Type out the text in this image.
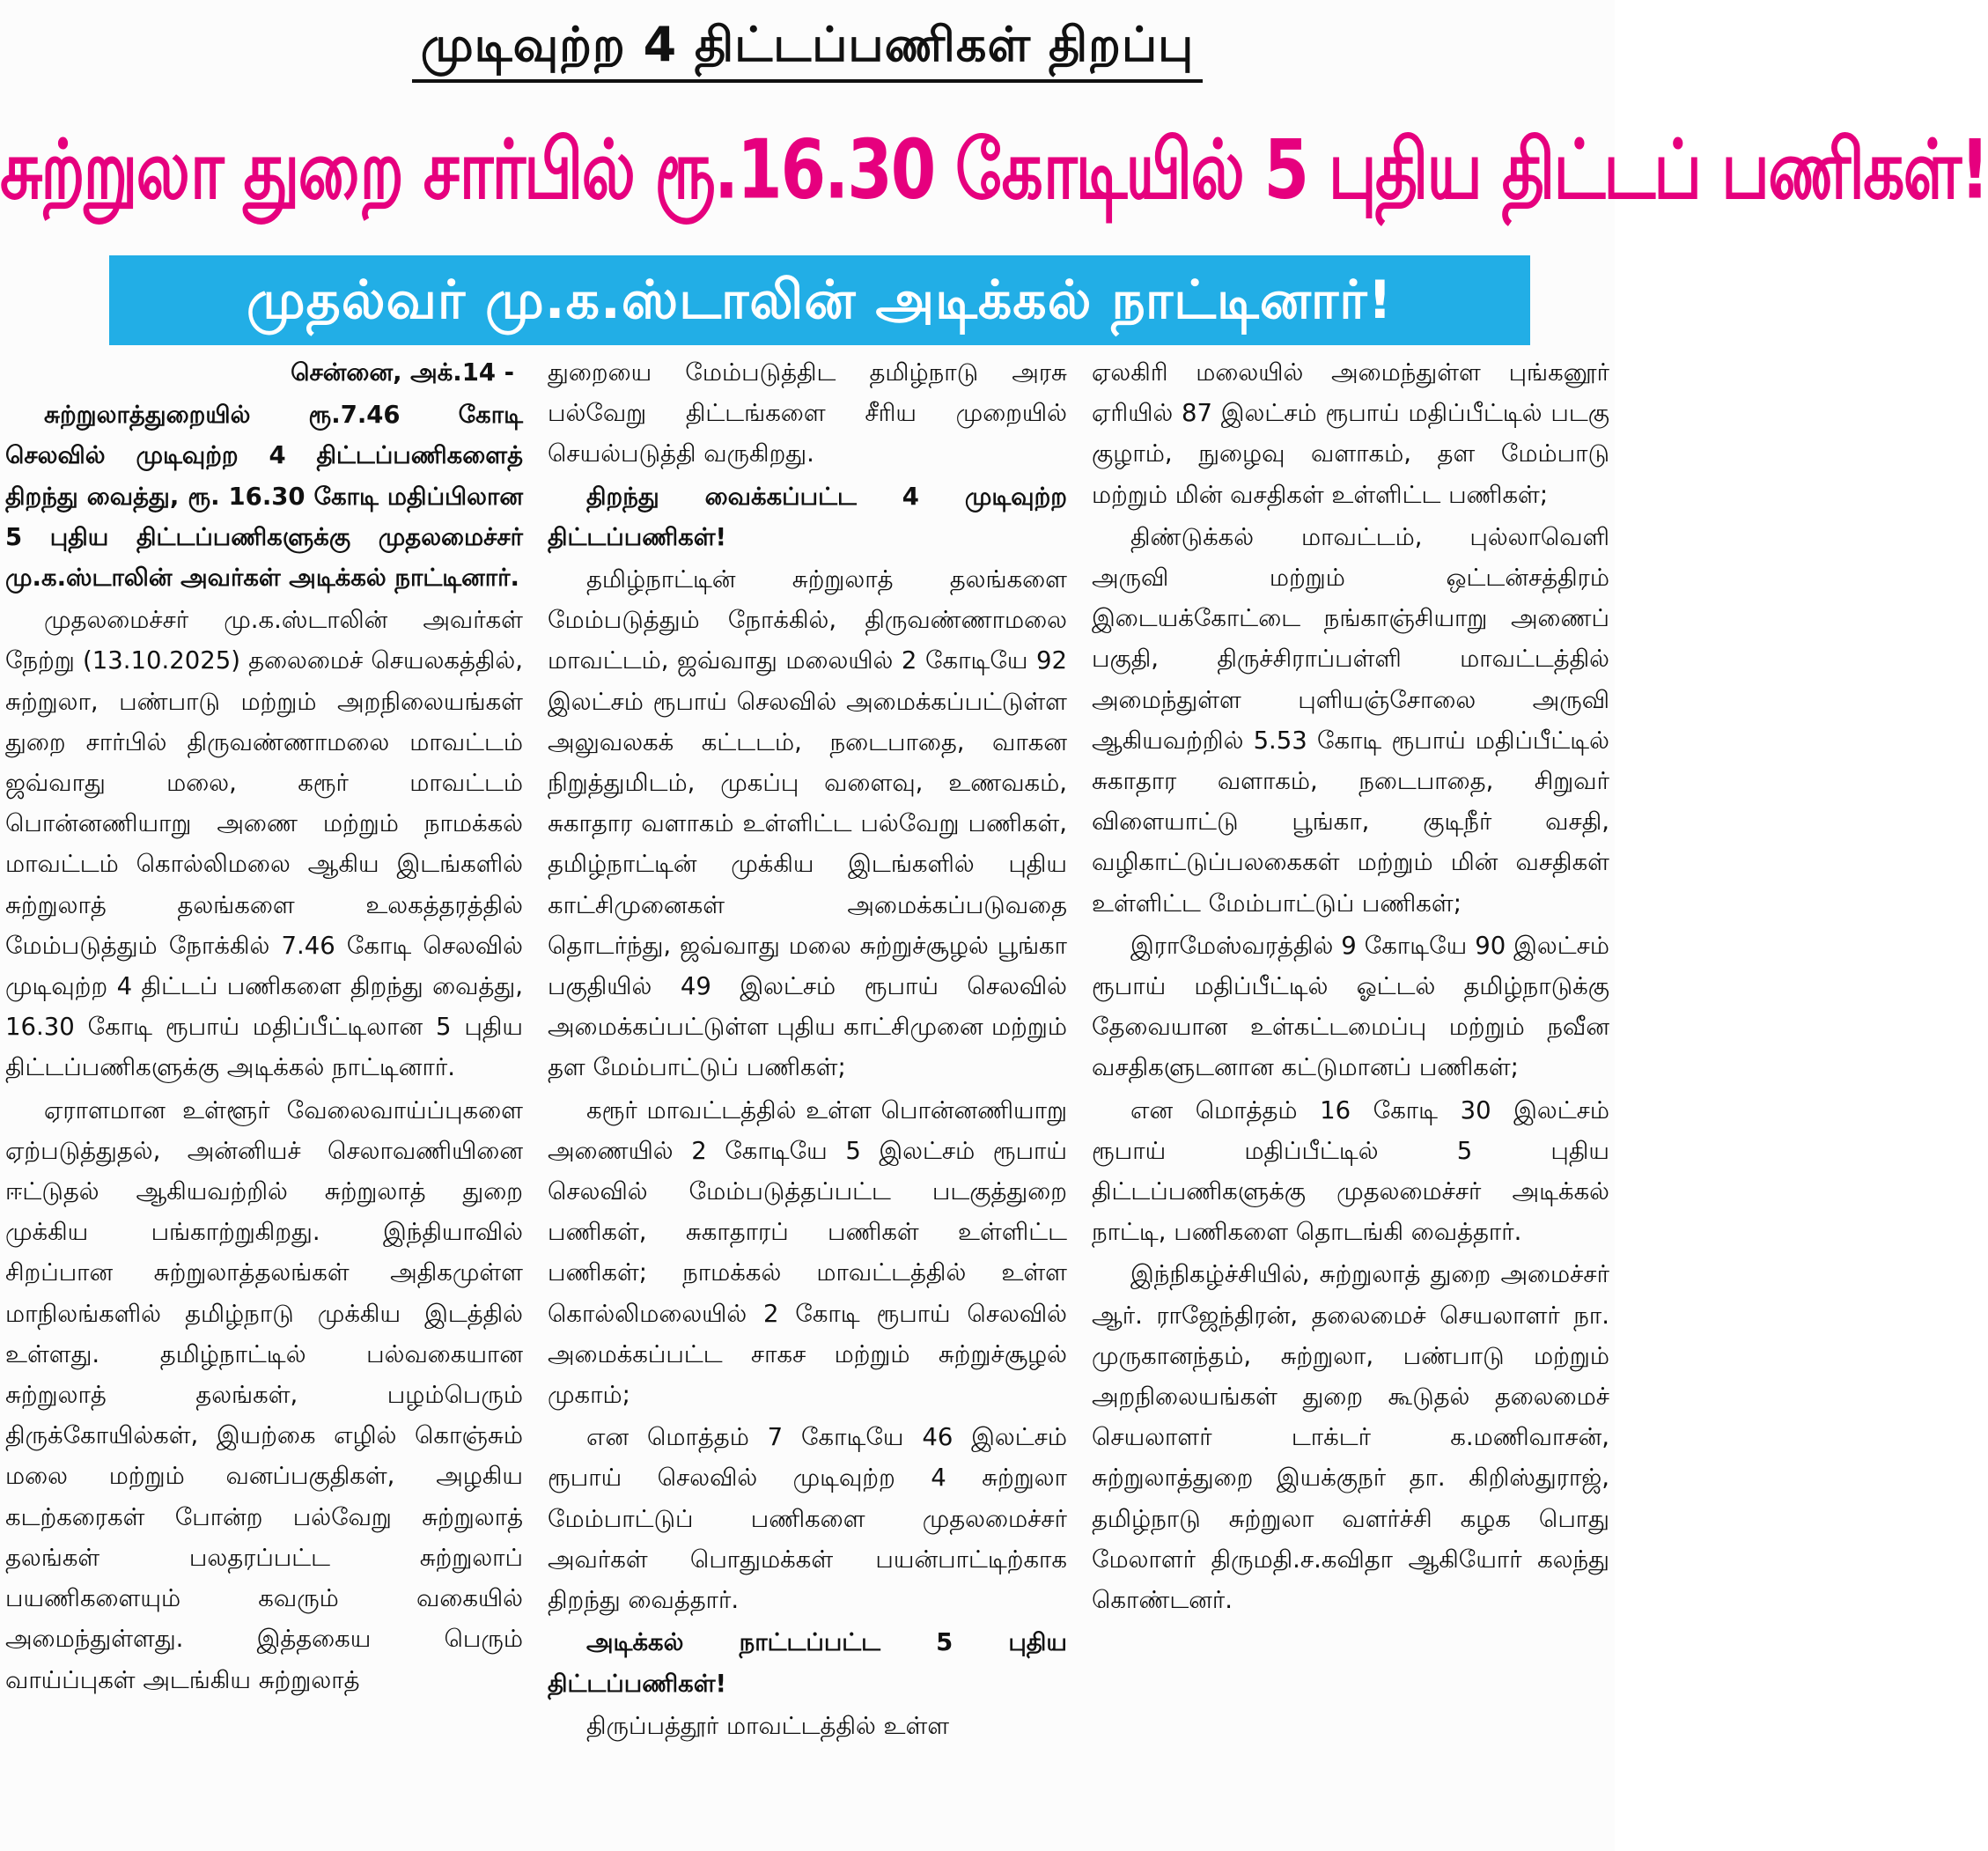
முடிவுற்ற 4 திட்டப்பணிகள் திறப்பு
சுற்றுலா துறை சார்பில் ரூ.16.30 கோடியில் 5 புதிய திட்டப் பணிகள்!
முதல்வர் மு.க.ஸ்டாலின் அடிக்கல் நாட்டினார்!

சென்னை, அக்.14 -

சுற்றுலாத்துறையில் ரூ.7.46 கோடி செலவில் முடிவுற்ற 4 திட்டப்பணிகளைத் திறந்து வைத்து, ரூ. 16.30 கோடி மதிப்பிலான 5 புதிய திட்டப்பணிகளுக்கு முதலமைச்சர் மு.க.ஸ்டாலின் அவர்கள் அடிக்கல் நாட்டினார்.

முதலமைச்சர் மு.க.ஸ்டாலின் அவர்கள் நேற்று (13.10.2025) தலைமைச் செயலகத்தில், சுற்றுலா, பண்பாடு மற்றும் அறநிலையங்கள் துறை சார்பில் திருவண்ணாமலை மாவட்டம் ஜவ்வாது மலை, கரூர் மாவட்டம் பொன்னணியாறு அணை மற்றும் நாமக்கல் மாவட்டம் கொல்லிமலை ஆகிய இடங்களில் சுற்றுலாத் தலங்களை உலகத்தரத்தில் மேம்படுத்தும் நோக்கில் 7.46 கோடி செலவில் முடிவுற்ற 4 திட்டப் பணிகளை திறந்து வைத்து, 16.30 கோடி ரூபாய் மதிப்பீட்டிலான 5 புதிய திட்டப்பணிகளுக்கு அடிக்கல் நாட்டினார்.

ஏராளமான உள்ளூர் வேலைவாய்ப்புகளை ஏற்படுத்துதல், அன்னியச் செலாவணியினை ஈட்டுதல் ஆகியவற்றில் சுற்றுலாத் துறை முக்கிய பங்காற்றுகிறது. இந்தியாவில் சிறப்பான சுற்றுலாத்தலங்கள் அதிகமுள்ள மாநிலங்களில் தமிழ்நாடு முக்கிய இடத்தில் உள்ளது. தமிழ்நாட்டில் பல்வகையான சுற்றுலாத் தலங்கள், பழம்பெரும் திருக்கோயில்கள், இயற்கை எழில் கொஞ்சும் மலை மற்றும் வனப்பகுதிகள், அழகிய கடற்கரைகள் போன்ற பல்வேறு சுற்றுலாத் தலங்கள் பலதரப்பட்ட சுற்றுலாப் பயணிகளையும் கவரும் வகையில் அமைந்துள்ளது. இத்தகைய பெரும் வாய்ப்புகள் அடங்கிய சுற்றுலாத்

துறையை மேம்படுத்திட தமிழ்நாடு அரசு பல்வேறு திட்டங்களை சீரிய முறையில் செயல்படுத்தி வருகிறது.

திறந்து வைக்கப்பட்ட 4 முடிவுற்ற திட்டப்பணிகள்!

தமிழ்நாட்டின் சுற்றுலாத் தலங்களை மேம்படுத்தும் நோக்கில், திருவண்ணாமலை மாவட்டம், ஜவ்வாது மலையில் 2 கோடியே 92 இலட்சம் ரூபாய் செலவில் அமைக்கப்பட்டுள்ள அலுவலகக் கட்டடம், நடைபாதை, வாகன நிறுத்துமிடம், முகப்பு வளைவு, உணவகம், சுகாதார வளாகம் உள்ளிட்ட பல்வேறு பணிகள், தமிழ்நாட்டின் முக்கிய இடங்களில் புதிய காட்சிமுனைகள் அமைக்கப்படுவதை தொடர்ந்து, ஜவ்வாது மலை சுற்றுச்சூழல் பூங்கா பகுதியில் 49 இலட்சம் ரூபாய் செலவில் அமைக்கப்பட்டுள்ள புதிய காட்சிமுனை மற்றும் தள மேம்பாட்டுப் பணிகள்;

கரூர் மாவட்டத்தில் உள்ள பொன்னணியாறு அணையில் 2 கோடியே 5 இலட்சம் ரூபாய் செலவில் மேம்படுத்தப்பட்ட படகுத்துறை பணிகள், சுகாதாரப் பணிகள் உள்ளிட்ட பணிகள்; நாமக்கல் மாவட்டத்தில் உள்ள கொல்லிமலையில் 2 கோடி ரூபாய் செலவில் அமைக்கப்பட்ட சாகச மற்றும் சுற்றுச்சூழல் முகாம்;

என மொத்தம் 7 கோடியே 46 இலட்சம் ரூபாய் செலவில் முடிவுற்ற 4 சுற்றுலா மேம்பாட்டுப் பணிகளை முதலமைச்சர் அவர்கள் பொதுமக்கள் பயன்பாட்டிற்காக திறந்து வைத்தார்.

அடிக்கல் நாட்டப்பட்ட 5 புதிய திட்டப்பணிகள்!

திருப்பத்தூர் மாவட்டத்தில் உள்ள

ஏலகிரி மலையில் அமைந்துள்ள புங்கனூர் ஏரியில் 87 இலட்சம் ரூபாய் மதிப்பீட்டில் படகு குழாம், நுழைவு வளாகம், தள மேம்பாடு மற்றும் மின் வசதிகள் உள்ளிட்ட பணிகள்;

திண்டுக்கல் மாவட்டம், புல்லாவெளி அருவி மற்றும் ஒட்டன்சத்திரம் இடையக்கோட்டை நங்காஞ்சியாறு அணைப் பகுதி, திருச்சிராப்பள்ளி மாவட்டத்தில் அமைந்துள்ள புளியஞ்சோலை அருவி ஆகியவற்றில் 5.53 கோடி ரூபாய் மதிப்பீட்டில் சுகாதார வளாகம், நடைபாதை, சிறுவர் விளையாட்டு பூங்கா, குடிநீர் வசதி, வழிகாட்டுப்பலகைகள் மற்றும் மின் வசதிகள் உள்ளிட்ட மேம்பாட்டுப் பணிகள்;

இராமேஸ்வரத்தில் 9 கோடியே 90 இலட்சம் ரூபாய் மதிப்பீட்டில் ஓட்டல் தமிழ்நாடுக்கு தேவையான உள்கட்டமைப்பு மற்றும் நவீன வசதிகளுடனான கட்டுமானப் பணிகள்;

என மொத்தம் 16 கோடி 30 இலட்சம் ரூபாய் மதிப்பீட்டில் 5 புதிய திட்டப்பணிகளுக்கு முதலமைச்சர் அடிக்கல் நாட்டி, பணிகளை தொடங்கி வைத்தார்.

இந்நிகழ்ச்சியில், சுற்றுலாத் துறை அமைச்சர் ஆர். ராஜேந்திரன், தலைமைச் செயலாளர் நா. முருகானந்தம், சுற்றுலா, பண்பாடு மற்றும் அறநிலையங்கள் துறை கூடுதல் தலைமைச் செயலாளர் டாக்டர் க.மணிவாசன், சுற்றுலாத்துறை இயக்குநர் தா. கிறிஸ்துராஜ், தமிழ்நாடு சுற்றுலா வளர்ச்சி கழக பொது மேலாளர் திருமதி.ச.கவிதா ஆகியோர் கலந்து கொண்டனர்.
